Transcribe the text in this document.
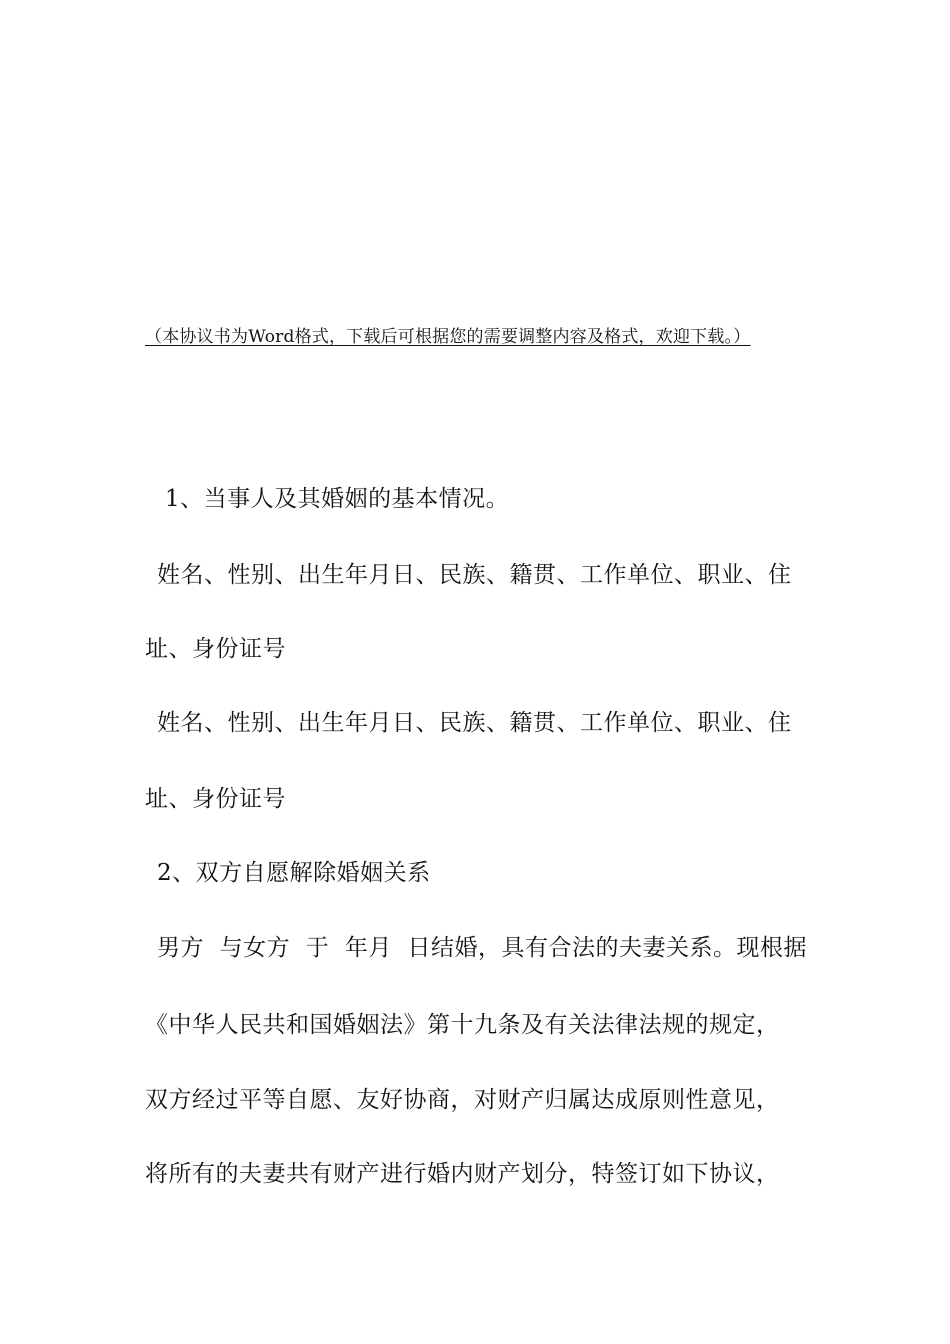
（本协议书为Word格式，下载后可根据您的需要调整内容及格式，欢迎下载。）
1、当事人及其婚姻的基本情况。
姓名、性别、出生年月日、民族、籍贯、工作单位、职业、住
址、身份证号
姓名、性别、出生年月日、民族、籍贯、工作单位、职业、住
址、身份证号
2、双方自愿解除婚姻关系
男方  与女方  于  年月  日结婚，具有合法的夫妻关系。现根据
《中华人民共和国婚姻法》第十九条及有关法律法规的规定，
双方经过平等自愿、友好协商，对财产归属达成原则性意见，
将所有的夫妻共有财产进行婚内财产划分，特签订如下协议，
